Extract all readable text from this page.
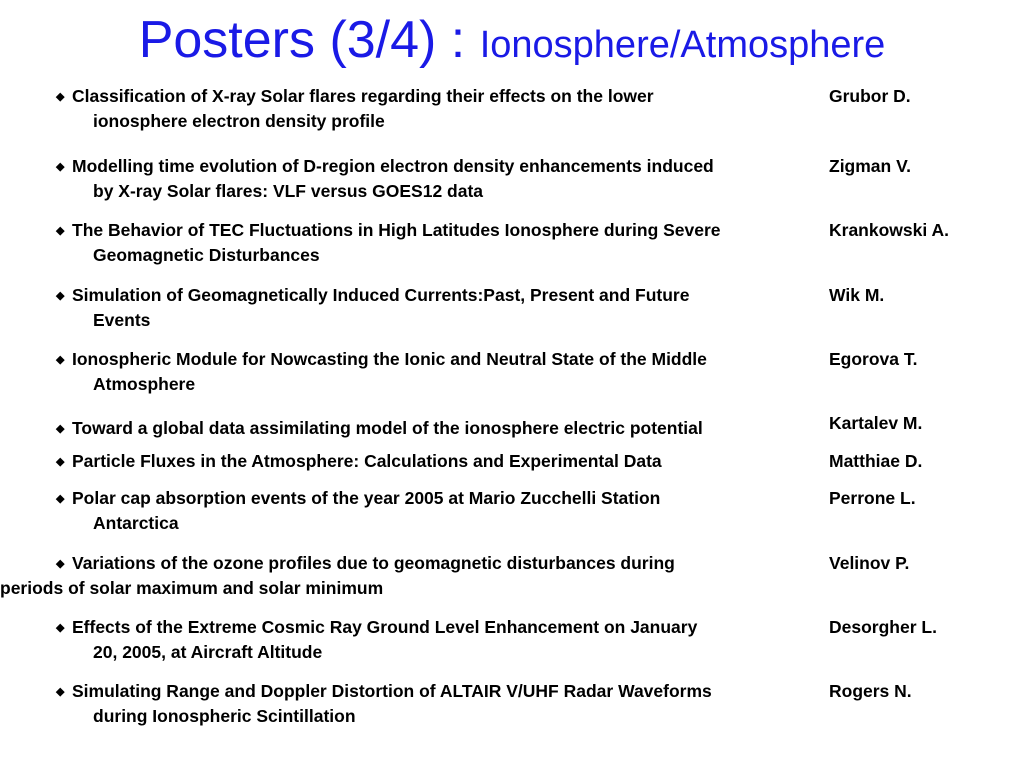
Posters (3/4) : Ionosphere/Atmosphere
◆ Classification of X-ray Solar flares regarding their effects on the lower
ionosphere electron density profile
Grubor D.
◆ Modelling time evolution of D-region electron density enhancements induced
by X-ray Solar flares: VLF versus GOES12 data
Zigman V.
◆ The Behavior of TEC Fluctuations in High Latitudes Ionosphere during Severe
Geomagnetic Disturbances
Krankowski A.
◆ Simulation of Geomagnetically Induced Currents:Past, Present and Future
Events
Wik M.
◆ Ionospheric Module for Nowcasting the Ionic and Neutral State of the Middle
Atmosphere
Egorova T.
◆ Toward a global data assimilating model of the ionosphere electric potential	Kartalev M.
◆ Particle Fluxes in the Atmosphere: Calculations and Experimental Data	Matthiae D.
◆ Polar cap absorption events of the year 2005 at Mario Zucchelli Station
Antarctica
Perrone L.
◆ Variations of the ozone profiles due to geomagnetic disturbances during
periods of solar maximum and solar minimum
Velinov P.
◆ Effects of the Extreme Cosmic Ray Ground Level Enhancement on January
20, 2005, at Aircraft Altitude
Desorgher L.
◆ Simulating Range and Doppler Distortion of ALTAIR V/UHF Radar Waveforms
during Ionospheric Scintillation
Rogers N.
